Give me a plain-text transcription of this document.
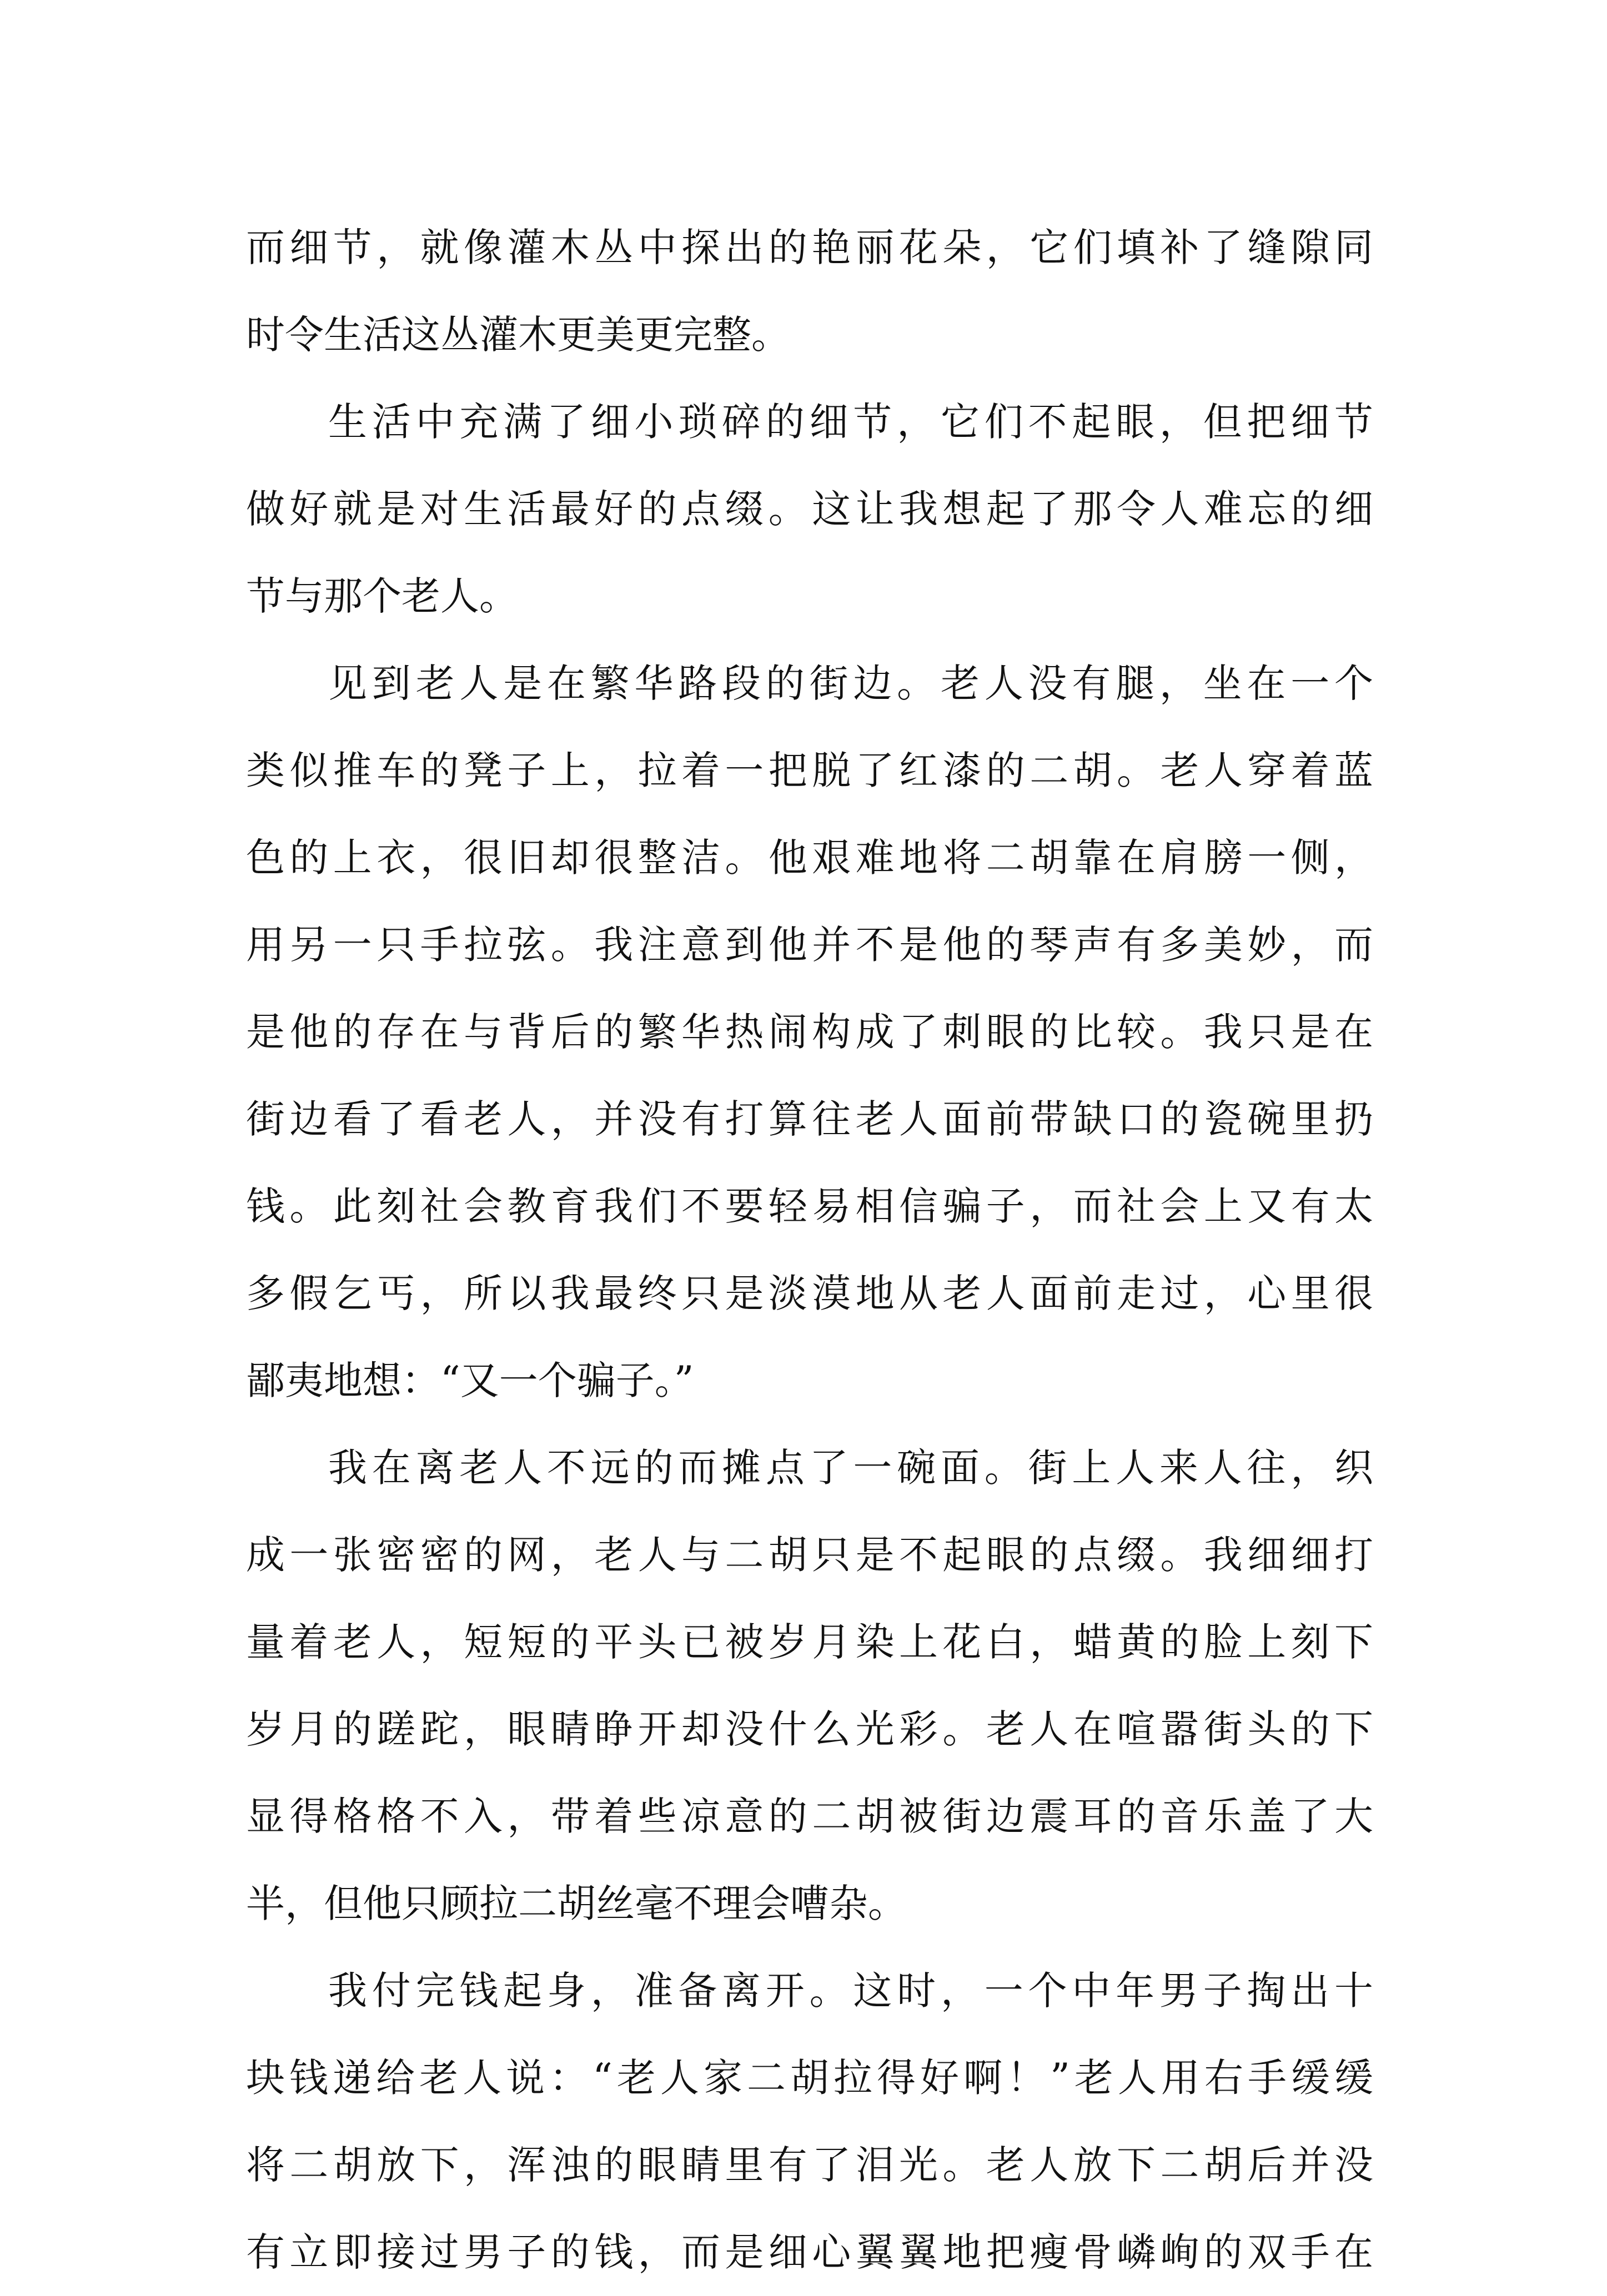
而细节，就像灌木丛中探出的艳丽花朵，它们填补了缝隙同
时令生活这丛灌木更美更完整。
生活中充满了细小琐碎的细节，它们不起眼，但把细节
做好就是对生活最好的点缀。这让我想起了那令人难忘的细
节与那个老人。
见到老人是在繁华路段的街边。老人没有腿，坐在一个
类似推车的凳子上，拉着一把脱了红漆的二胡。老人穿着蓝
色的上衣，很旧却很整洁。他艰难地将二胡靠在肩膀一侧，
用另一只手拉弦。我注意到他并不是他的琴声有多美妙，而
是他的存在与背后的繁华热闹构成了刺眼的比较。我只是在
街边看了看老人，并没有打算往老人面前带缺口的瓷碗里扔
钱。此刻社会教育我们不要轻易相信骗子，而社会上又有太
多假乞丐，所以我最终只是淡漠地从老人面前走过，心里很
鄙夷地想：“又一个骗子。”
我在离老人不远的而摊点了一碗面。街上人来人往，织
成一张密密的网，老人与二胡只是不起眼的点缀。我细细打
量着老人，短短的平头已被岁月染上花白，蜡黄的脸上刻下
岁月的蹉跎，眼睛睁开却没什么光彩。老人在喧嚣街头的下
显得格格不入，带着些凉意的二胡被街边震耳的音乐盖了大
半，但他只顾拉二胡丝毫不理会嘈杂。
我付完钱起身，准备离开。这时，一个中年男子掏出十
块钱递给老人说：“老人家二胡拉得好啊！”老人用右手缓缓
将二胡放下，浑浊的眼睛里有了泪光。老人放下二胡后并没
有立即接过男子的钱，而是细心翼翼地把瘦骨嶙峋的双手在
